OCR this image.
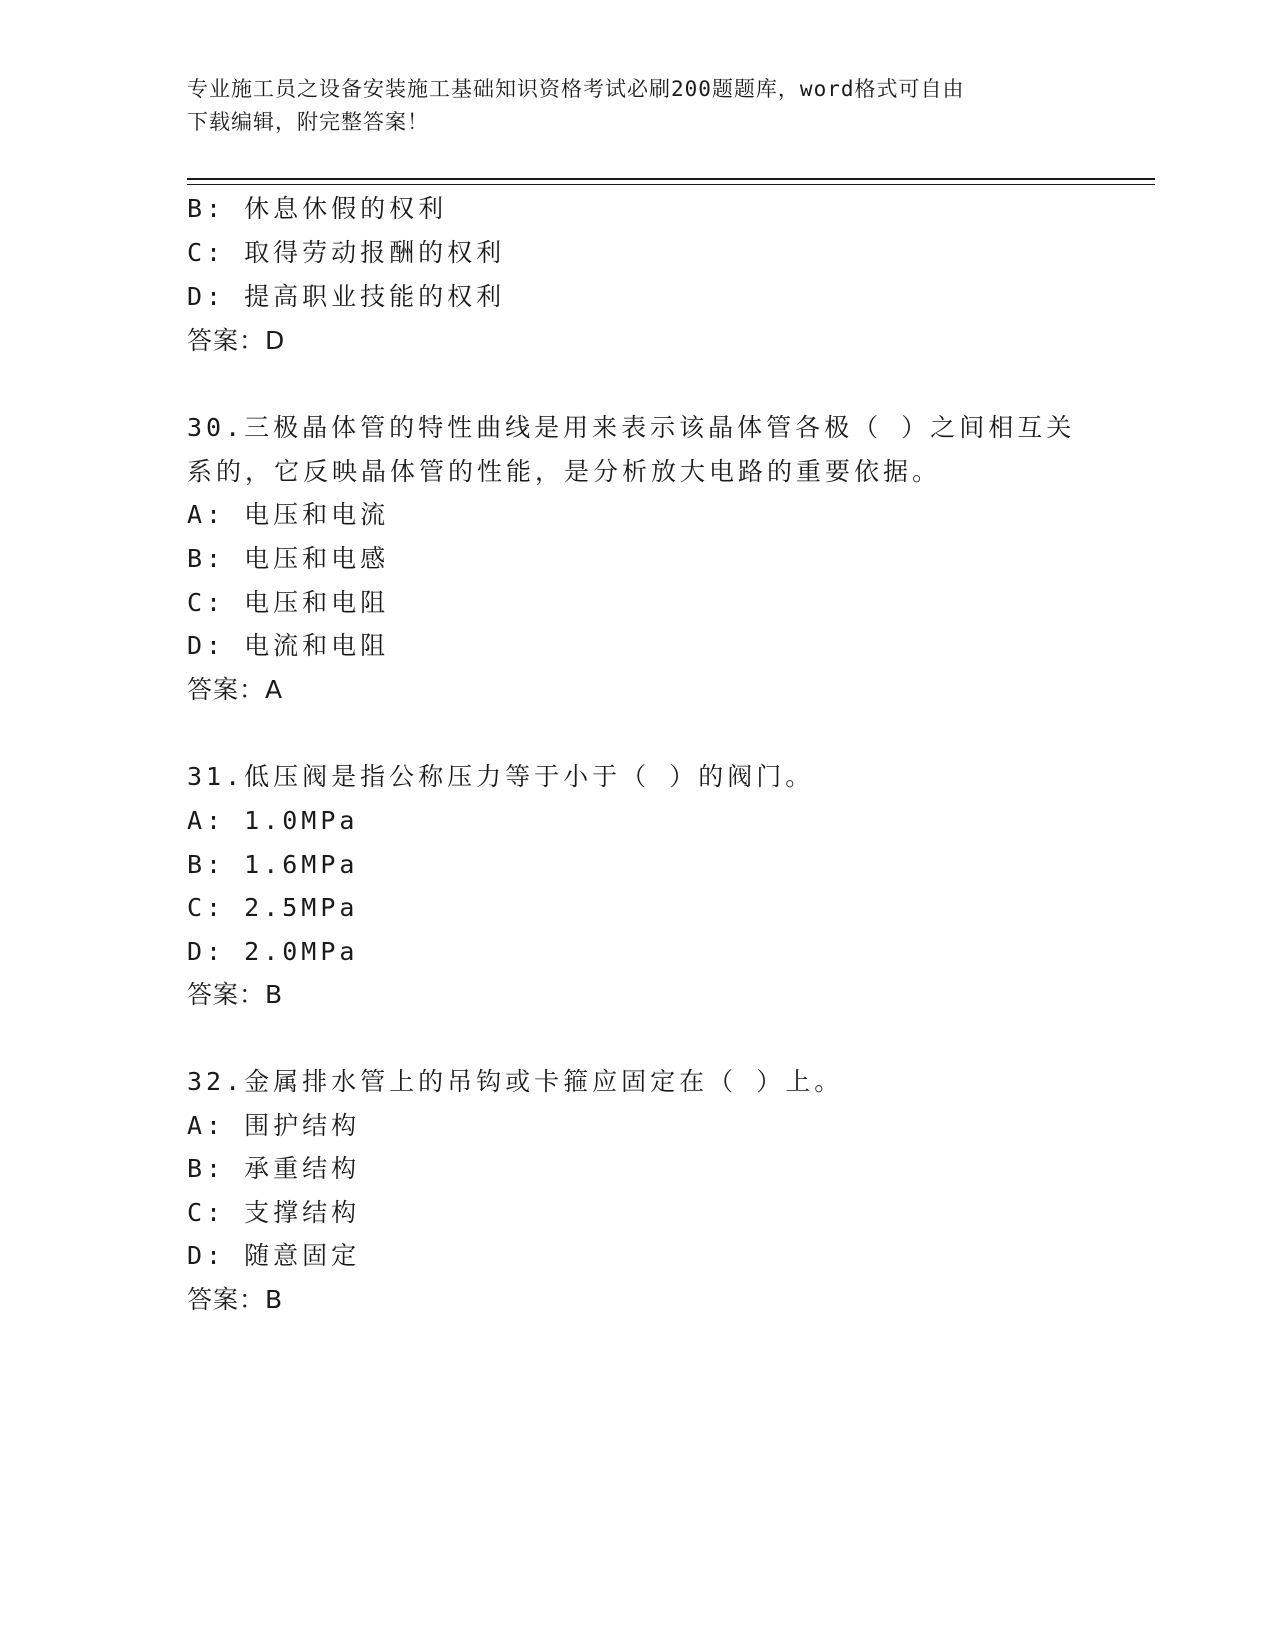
专业施工员之设备安装施工基础知识资格考试必刷200题题库，word格式可自由
下载编辑，附完整答案！
B: 休息休假的权利
C: 取得劳动报酬的权利
D: 提高职业技能的权利
答案：D
30.三极晶体管的特性曲线是用来表示该晶体管各极（ ）之间相互关
系的，它反映晶体管的性能，是分析放大电路的重要依据。
A: 电压和电流
B: 电压和电感
C: 电压和电阻
D: 电流和电阻
答案：A
31.低压阀是指公称压力等于小于（ ）的阀门。
A: 1.0MPa
B: 1.6MPa
C: 2.5MPa
D: 2.0MPa
答案：B
32.金属排水管上的吊钩或卡箍应固定在（ ）上。
A: 围护结构
B: 承重结构
C: 支撑结构
D: 随意固定
答案：B
